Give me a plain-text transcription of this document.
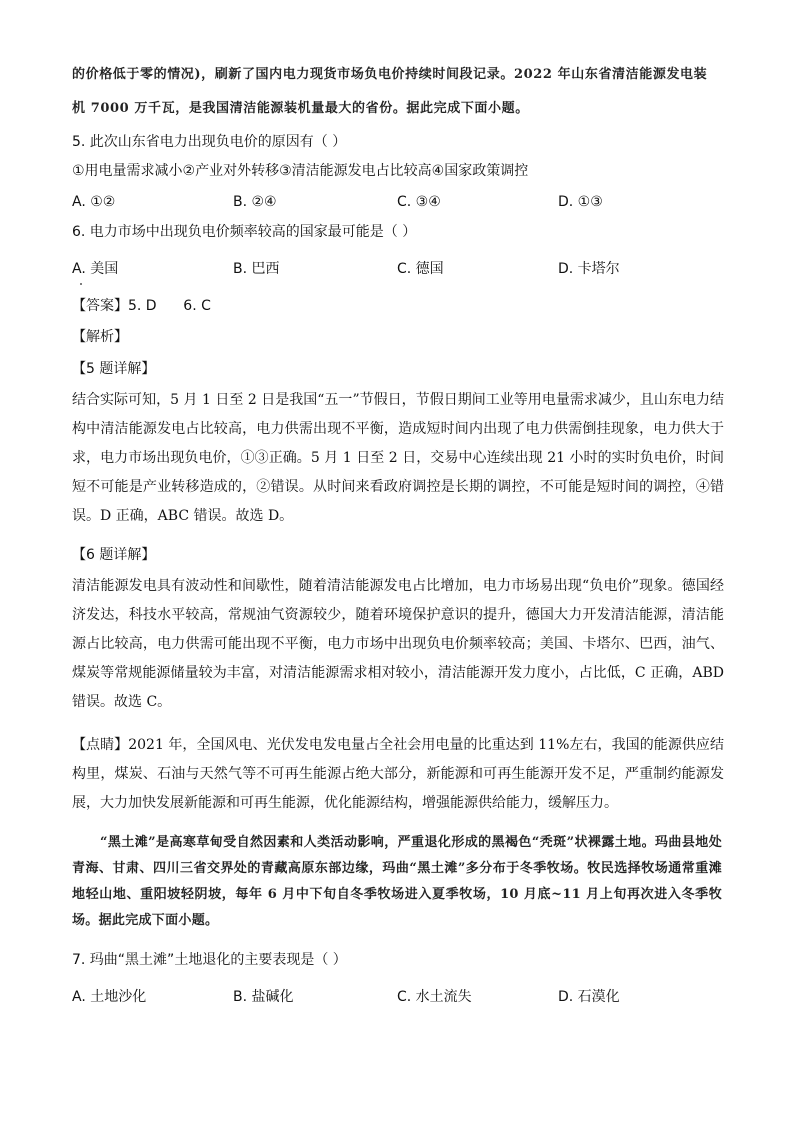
的价格低于零的情况)，刷新了国内电力现货市场负电价持续时间段记录。2022 年山东省清洁能源发电装
机 7000 万千瓦，是我国清洁能源装机量最大的省份。据此完成下面小题。
5. 此次山东省电力出现负电价的原因有（ ）
①用电量需求减小②产业对外转移③清洁能源发电占比较高④国家政策调控
A. ①②	B. ②④	C. ③④	D. ①③
6. 电力市场中出现负电价频率较高的国家最可能是（ ）
A. 美国	B. 巴西	C. 德国	D. 卡塔尔
【答案】5. D      6. C
【解析】
【5 题详解】
结合实际可知，5 月 1 日至 2 日是我国“五一”节假日，节假日期间工业等用电量需求减少，且山东电力结构中清洁能源发电占比较高，电力供需出现不平衡，造成短时间内出现了电力供需倒挂现象，电力供大于求，电力市场出现负电价，①③正确。5 月 1 日至 2 日，交易中心连续出现 21 小时的实时负电价，时间短不可能是产业转移造成的，②错误。从时间来看政府调控是长期的调控，不可能是短时间的调控，④错误。D 正确，ABC 错误。故选 D。
【6 题详解】
清洁能源发电具有波动性和间歇性，随着清洁能源发电占比增加，电力市场易出现“负电价”现象。德国经济发达，科技水平较高，常规油气资源较少，随着环境保护意识的提升，德国大力开发清洁能源，清洁能源占比较高，电力供需可能出现不平衡，电力市场中出现负电价频率较高；美国、卡塔尔、巴西，油气、煤炭等常规能源储量较为丰富，对清洁能源需求相对较小，清洁能源开发力度小，占比低，C 正确，ABD 错误。故选 C。
【点睛】2021 年，全国风电、光伏发电发电量占全社会用电量的比重达到 11%左右，我国的能源供应结构里，煤炭、石油与天然气等不可再生能源占绝大部分，新能源和可再生能源开发不足，严重制约能源发展，大力加快发展新能源和可再生能源，优化能源结构，增强能源供给能力，缓解压力。
“黑土滩”是高寒草甸受自然因素和人类活动影响，严重退化形成的黑褐色“秃斑”状裸露土地。玛曲县地处青海、甘肃、四川三省交界处的青藏高原东部边缘，玛曲“黑土滩”多分布于冬季牧场。牧民选择牧场通常重滩地轻山地、重阳坡轻阴坡，每年 6 月中下旬自冬季牧场进入夏季牧场，10 月底~11 月上旬再次进入冬季牧场。据此完成下面小题。
7. 玛曲“黑土滩”土地退化的主要表现是（ ）
A. 土地沙化	B. 盐碱化	C. 水土流失	D. 石漠化
